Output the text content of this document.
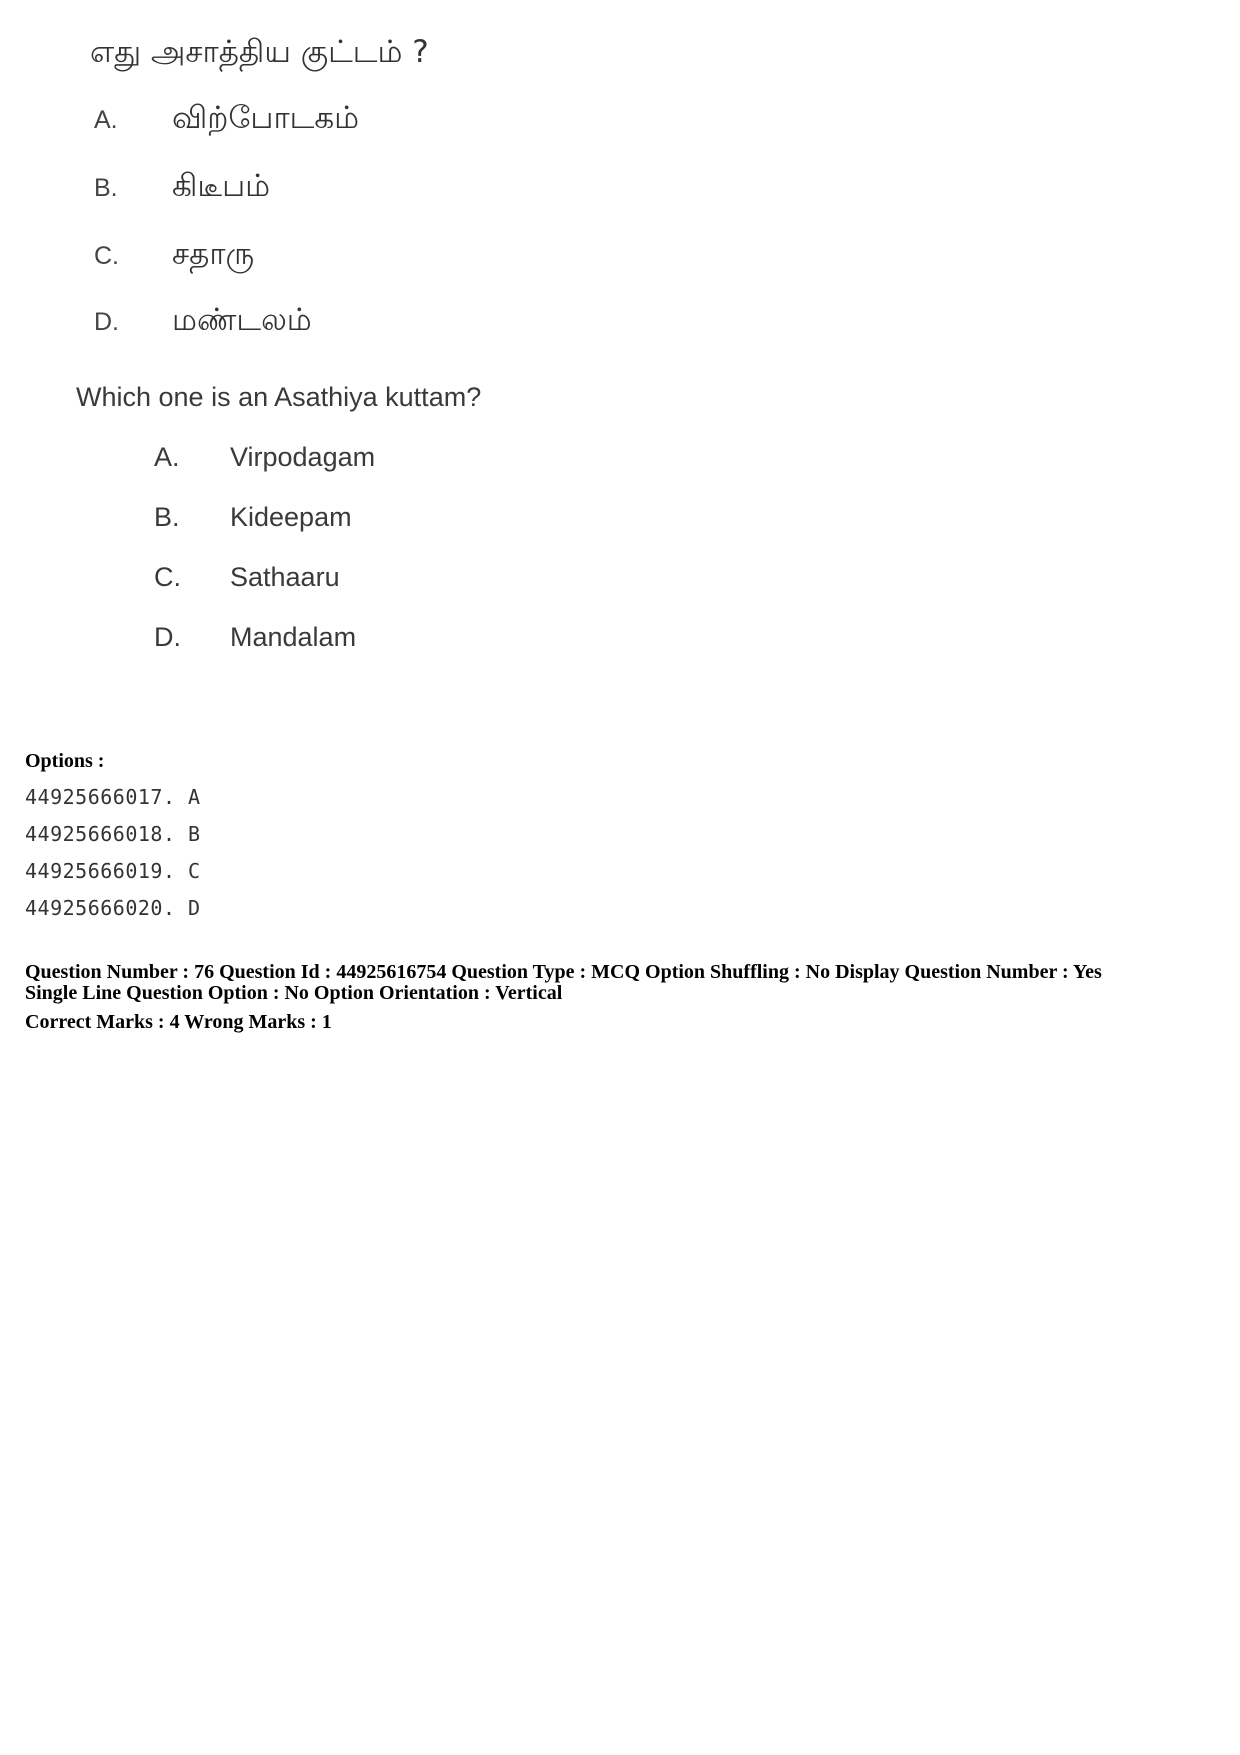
எது அசாத்திய குட்டம் ?
A. விற்போடகம்
B. கிடீபம்
C. சதாரு
D. மண்டலம்
Which one is an Asathiya kuttam?
A. Virpodagam
B. Kideepam
C. Sathaaru
D. Mandalam
Options :
44925666017. A
44925666018. B
44925666019. C
44925666020. D
Question Number : 76 Question Id : 44925616754 Question Type : MCQ Option Shuffling : No Display Question Number : Yes
Single Line Question Option : No Option Orientation : Vertical
Correct Marks : 4 Wrong Marks : 1
